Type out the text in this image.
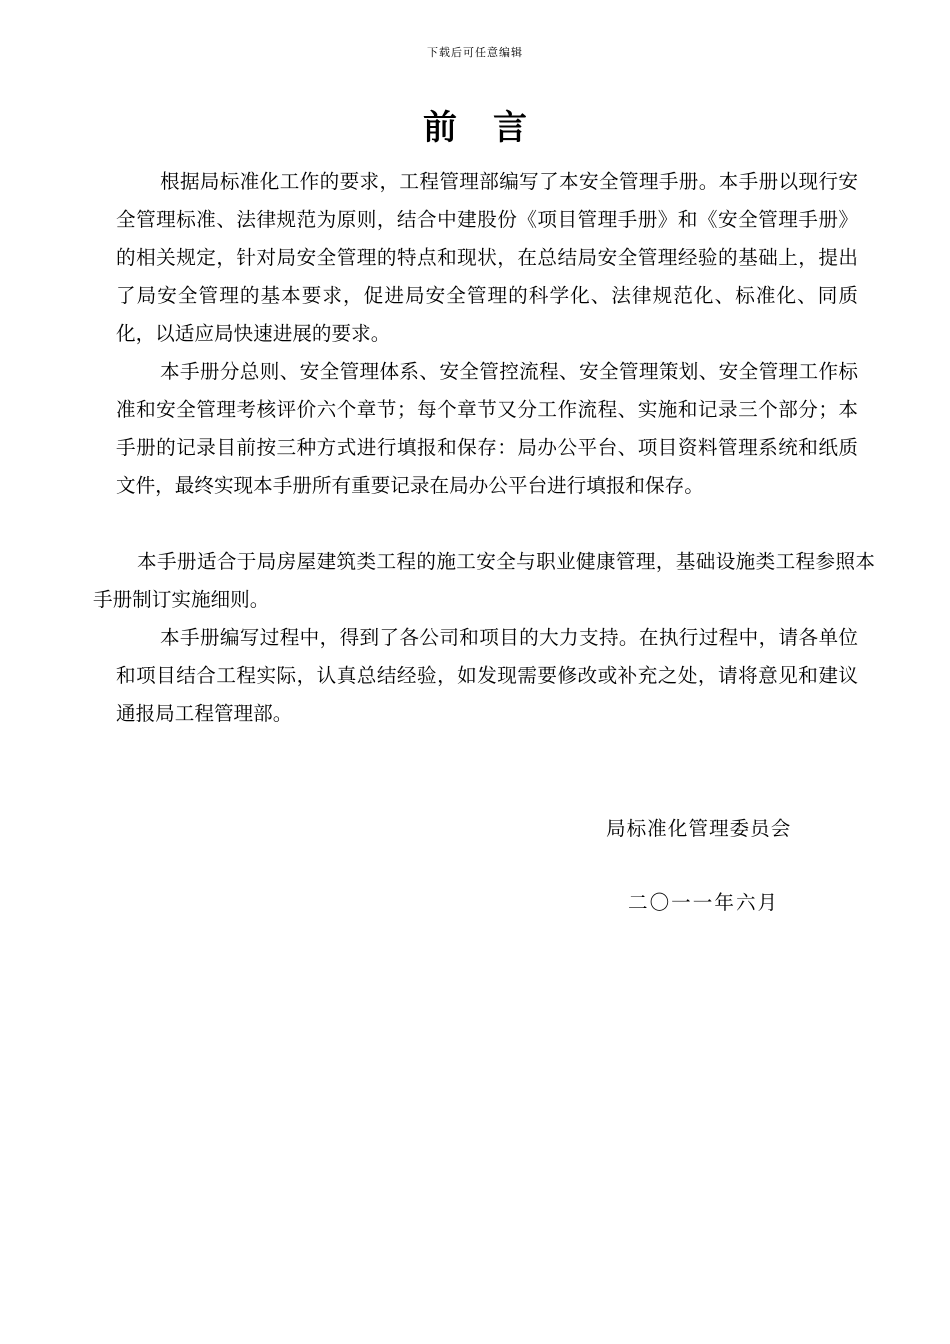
下载后可任意编辑
前言

根据局标准化工作的要求，工程管理部编写了本安全管理手册。本手册以现行安全管理标准、法律规范为原则，结合中建股份《项目管理手册》和《安全管理手册》的相关规定，针对局安全管理的特点和现状，在总结局安全管理经验的基础上，提出了局安全管理的基本要求，促进局安全管理的科学化、法律规范化、标准化、同质化，以适应局快速进展的要求。

本手册分总则、安全管理体系、安全管控流程、安全管理策划、安全管理工作标准和安全管理考核评价六个章节；每个章节又分工作流程、实施和记录三个部分；本手册的记录目前按三种方式进行填报和保存：局办公平台、项目资料管理系统和纸质文件，最终实现本手册所有重要记录在局办公平台进行填报和保存。

本手册适合于局房屋建筑类工程的施工安全与职业健康管理，基础设施类工程参照本手册制订实施细则。

本手册编写过程中，得到了各公司和项目的大力支持。在执行过程中，请各单位和项目结合工程实际，认真总结经验，如发现需要修改或补充之处，请将意见和建议通报局工程管理部。

局标准化管理委员会
二〇一一年六月
